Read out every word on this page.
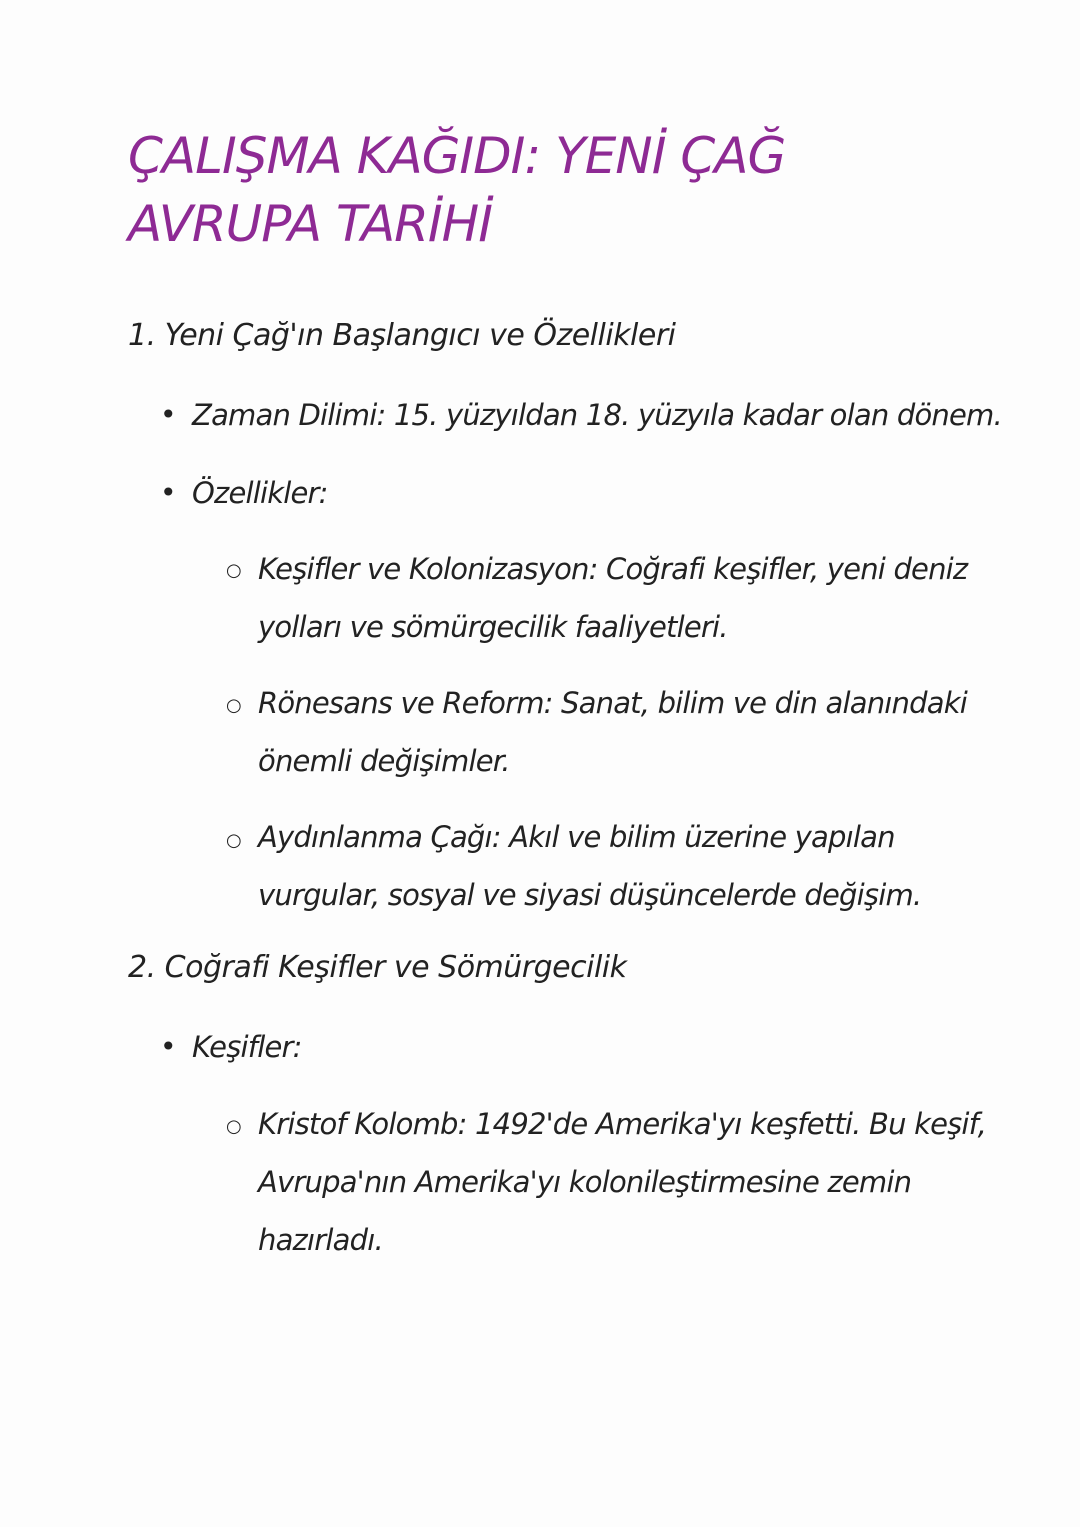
ÇALIŞMA KAĞIDI: YENİ ÇAĞ
AVRUPA TARİHİ
1. Yeni Çağ'ın Başlangıcı ve Özellikleri
• Zaman Dilimi: 15. yüzyıldan 18. yüzyıla kadar olan dönem.
• Özellikler:
○ Keşifler ve Kolonizasyon: Coğrafi keşifler, yeni deniz
yolları ve sömürgecilik faaliyetleri.
○ Rönesans ve Reform: Sanat, bilim ve din alanındaki
önemli değişimler.
○ Aydınlanma Çağı: Akıl ve bilim üzerine yapılan
vurgular, sosyal ve siyasi düşüncelerde değişim.
2. Coğrafi Keşifler ve Sömürgecilik
• Keşifler:
○ Kristof Kolomb: 1492'de Amerika'yı keşfetti. Bu keşif,
Avrupa'nın Amerika'yı kolonileştirmesine zemin
hazırladı.
